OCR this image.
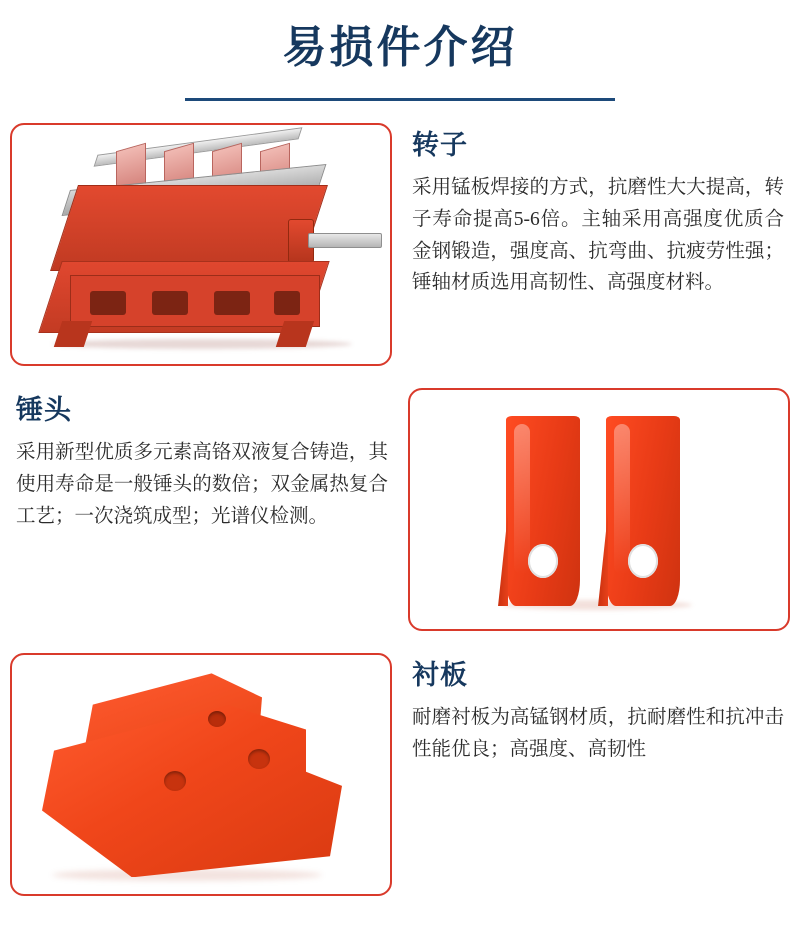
易损件介绍
转子

采用锰板焊接的方式，抗磨性大大提高，转子寿命提高5-6倍。主轴采用高强度优质合金钢锻造，强度高、抗弯曲、抗疲劳性强；锤轴材质选用高韧性、高强度材料。

锤头

采用新型优质多元素高铬双液复合铸造，其使用寿命是一般锤头的数倍；双金属热复合工艺；一次浇筑成型；光谱仪检测。

衬板

耐磨衬板为高锰钢材质，抗耐磨性和抗冲击性能优良；高强度、高韧性
